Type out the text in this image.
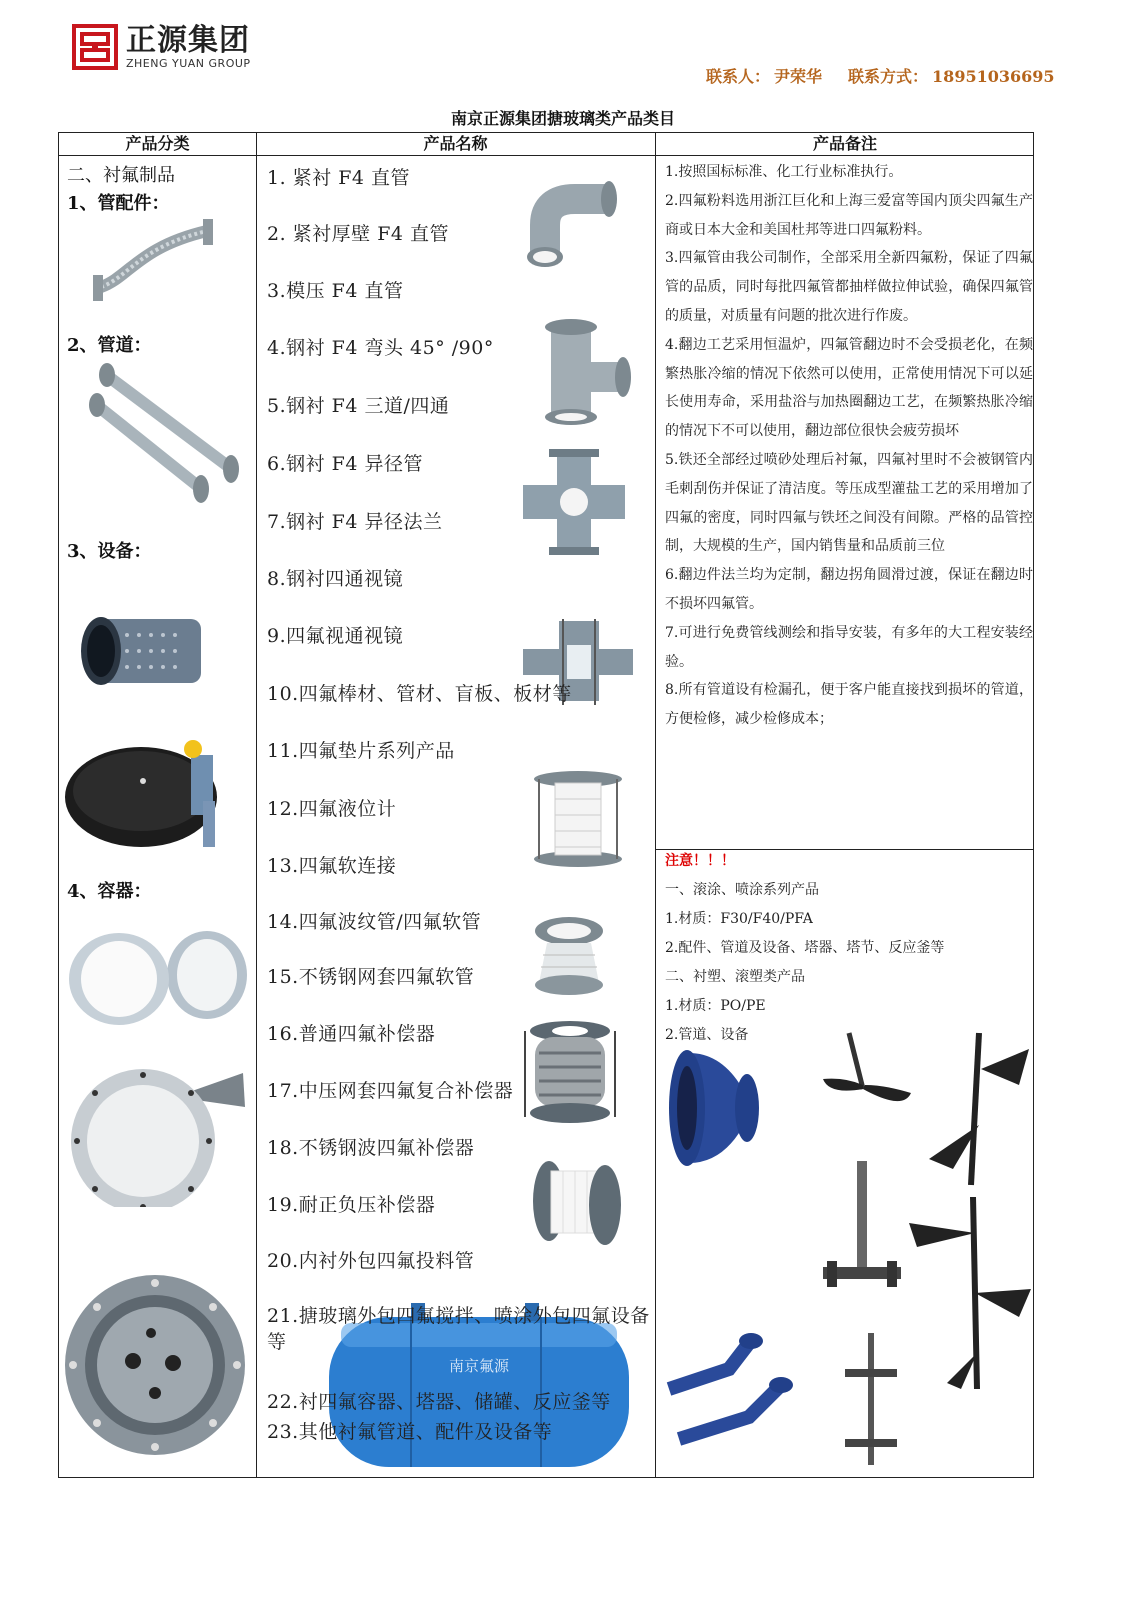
正源集团
ZHENG YUAN GROUP
联系人： 尹荣华 联系方式： 18951036695
南京正源集团搪玻璃类产品类目
产品分类	产品名称	产品备注
二、衬氟制品
1、管配件：
2、管道：
3、设备：
4、容器：
南京氟源
1. 紧衬 F4 直管
2. 紧衬厚壁 F4 直管
3.模压 F4 直管
4.钢衬 F4 弯头 45° /90°
5.钢衬 F4 三道/四通
6.钢衬 F4 异径管
7.钢衬 F4 异径法兰
8.钢衬四通视镜
9.四氟视通视镜
10.四氟棒材、管材、盲板、板材等
11.四氟垫片系列产品
12.四氟液位计
13.四氟软连接
14.四氟波纹管/四氟软管
15.不锈钢网套四氟软管
16.普通四氟补偿器
17.中压网套四氟复合补偿器
18.不锈钢波四氟补偿器
19.耐正负压补偿器
20.内衬外包四氟投料管
21.搪玻璃外包四氟搅拌、喷涂外包四氟设备等
22.衬四氟容器、塔器、储罐、反应釜等
23.其他衬氟管道、配件及设备等

1.按照国标标准、化工行业标准执行。

2.四氟粉料选用浙江巨化和上海三爱富等国内顶尖四氟生产商或日本大金和美国杜邦等进口四氟粉料。

3.四氟管由我公司制作，全部采用全新四氟粉，保证了四氟管的品质，同时每批四氟管都抽样做拉伸试验，确保四氟管的质量，对质量有问题的批次进行作废。

4.翻边工艺采用恒温炉，四氟管翻边时不会受损老化，在频繁热胀冷缩的情况下依然可以使用，正常使用情况下可以延长使用寿命，采用盐浴与加热圈翻边工艺，在频繁热胀冷缩的情况下不可以使用，翻边部位很快会疲劳损坏

5.铁还全部经过喷砂处理后衬氟，四氟衬里时不会被钢管内毛刺刮伤并保证了清洁度。等压成型灌盐工艺的采用增加了四氟的密度，同时四氟与铁坯之间没有间隙。严格的品管控制，大规模的生产，国内销售量和品质前三位

6.翻边件法兰均为定制，翻边拐角圆滑过渡，保证在翻边时不损坏四氟管。

7.可进行免费管线测绘和指导安装，有多年的大工程安装经验。

8.所有管道设有检漏孔，便于客户能直接找到损坏的管道，方便检修，减少检修成本；

注意！！！

一、滚涂、喷涂系列产品

1.材质：F30/F40/PFA

2.配件、管道及设备、塔器、塔节、反应釜等

二、衬塑、滚塑类产品

1.材质：PO/PE

2.管道、设备
